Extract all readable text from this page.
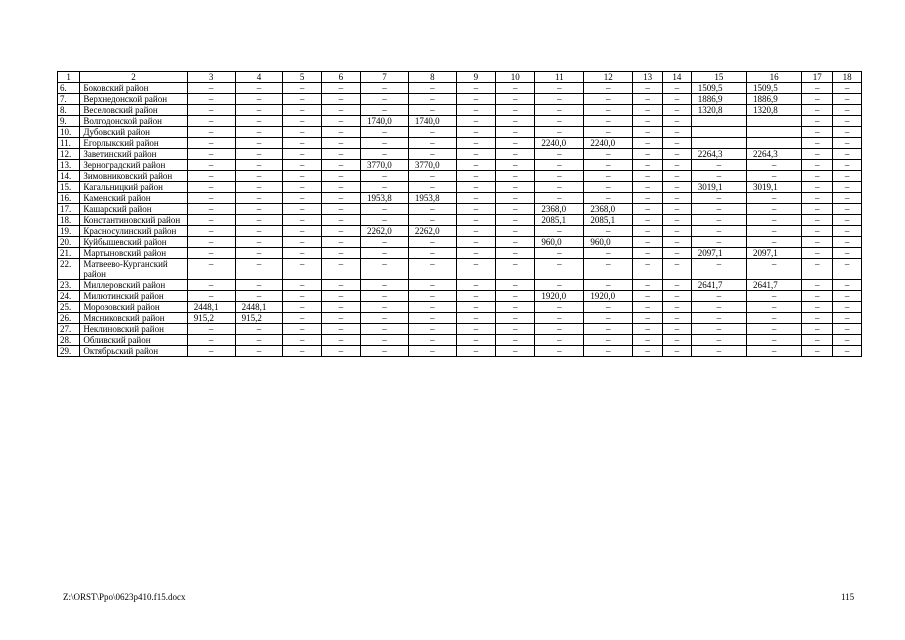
1	2	3	4	5	6	7	8	9	10	11	12	13	14	15	16	17	18
6.	Боковский район	–	–	–	–	–	–	–	–	–	–	–	–	1509,5	1509,5	–	–
7.	Верхнедонской район	–	–	–	–	–	–	–	–	–	–	–	–	1886,9	1886,9	–	–
8.	Веселовский район	–	–	–	–	–	–	–	–	–	–	–	–	1320,8	1320,8	–	–
9.	Волгодонской район	–	–	–	–	1740,0	1740,0	–	–	–	–	–	–			–	–
10.	Дубовский район	–	–	–	–	–	–	–	–	–	–	–	–			–	–
11.	Егорлыкский район	–	–	–	–	–	–	–	–	2240,0	2240,0	–	–			–	–
12.	Заветинский район	–	–	–	–	–	–	–	–	–	–	–	–	2264,3	2264,3	–	–
13.	Зерноградский район	–	–	–	–	3770,0	3770,0	–	–	–	–	–	–	–	–	–	–
14.	Зимовниковский район	–	–	–	–	–	–	–	–	–	–	–	–	–	–	–	–
15.	Кагальницкий район	–	–	–	–	–	–	–	–	–	–	–	–	3019,1	3019,1	–	–
16.	Каменский район	–	–	–	–	1953,8	1953,8	–	–	–	–	–	–	–	–	–	–
17.	Кашарский район	–	–	–	–	–	–	–	–	2368,0	2368,0	–	–	–	–	–	–
18.	Константиновский район	–	–	–	–	–	–	–	–	2085,1	2085,1	–	–	–	–	–	–
19.	Красносулинский район	–	–	–	–	2262,0	2262,0	–	–	–	–	–	–	–	–	–	–
20.	Куйбышевский район	–	–	–	–	–	–	–	–	960,0	960,0	–	–	–	–	–	–
21.	Мартыновский район	–	–	–	–	–	–	–	–	–	–	–	–	2097,1	2097,1	–	–
22.	Матвеево-Курганский район	–	–	–	–	–	–	–	–	–	–	–	–	–	–	–	–
23.	Миллеровский район	–	–	–	–	–	–	–	–	–	–	–	–	2641,7	2641,7	–	–
24.	Милютинский район	–	–	–	–	–	–	–	–	1920,0	1920,0	–	–	–	–	–	–
25.	Морозовский район	2448,1	2448,1	–	–	–	–	–	–	–	–	–	–	–	–	–	–
26.	Мясниковский район	915,2	915,2	–	–	–	–	–	–	–	–	–	–	–	–	–	–
27.	Неклиновский район	–	–	–	–	–	–	–	–	–	–	–	–	–	–	–	–
28.	Обливский район	–	–	–	–	–	–	–	–	–	–	–	–	–	–	–	–
29.	Октябрьский район	–	–	–	–	–	–	–	–	–	–	–	–	–	–	–	–
Z:\ORST\Ppo\0623p410.f15.docx	115
